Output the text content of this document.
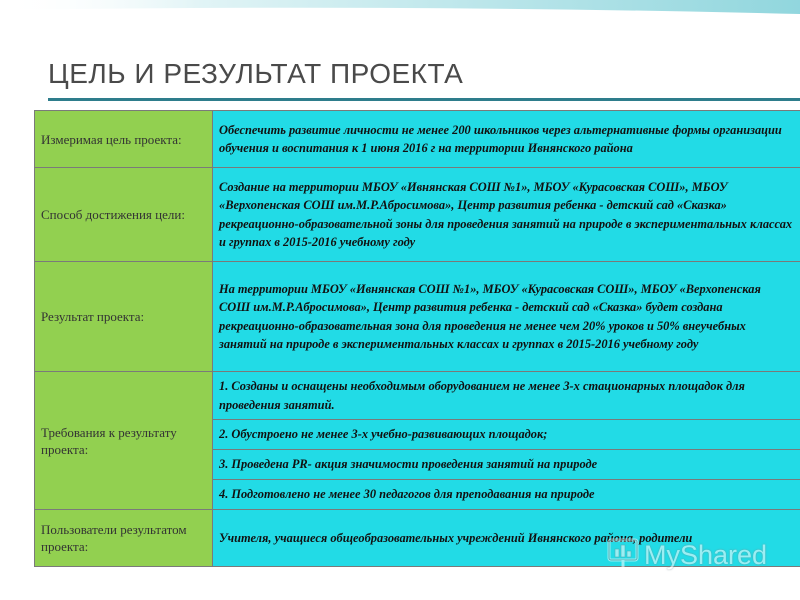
ЦЕЛЬ И РЕЗУЛЬТАТ ПРОЕКТА
Измеримая цель проекта:	Обеспечить развитие личности не менее 200 школьников через альтернативные формы организации обучения и воспитания к 1 июня 2016 г на территории Ивнянского района
Способ достижения цели:	Создание на территории МБОУ «Ивнянская СОШ №1», МБОУ «Курасовская СОШ», МБОУ «Верхопенская СОШ им.М.Р.Абросимова», Центр развития ребенка - детский сад «Сказка» рекреационно-образовательной зоны для проведения занятий на природе в экспериментальных классах и группах в 2015-2016 учебному году
Результат проекта:	На территории МБОУ «Ивнянская СОШ №1», МБОУ «Курасовская СОШ», МБОУ «Верхопенская СОШ им.М.Р.Абросимова», Центр развития ребенка - детский сад «Сказка» будет создана рекреационно-образовательная зона для проведения не менее чем 20% уроков и 50% внеучебных занятий на природе в экспериментальных классах и группах в 2015-2016 учебному году
Требования к результату проекта:	1. Созданы и оснащены необходимым оборудованием не менее 3-х стационарных площадок для проведения занятий.
	2. Обустроено не менее 3-х учебно-развивающих площадок;
	3. Проведена PR- акция значимости проведения занятий на природе
	4. Подготовлено не менее 30 педагогов для преподавания на природе
Пользователи результатом проекта:	Учителя, учащиеся общеобразовательных учреждений Ивнянского района, родители
MyShared
